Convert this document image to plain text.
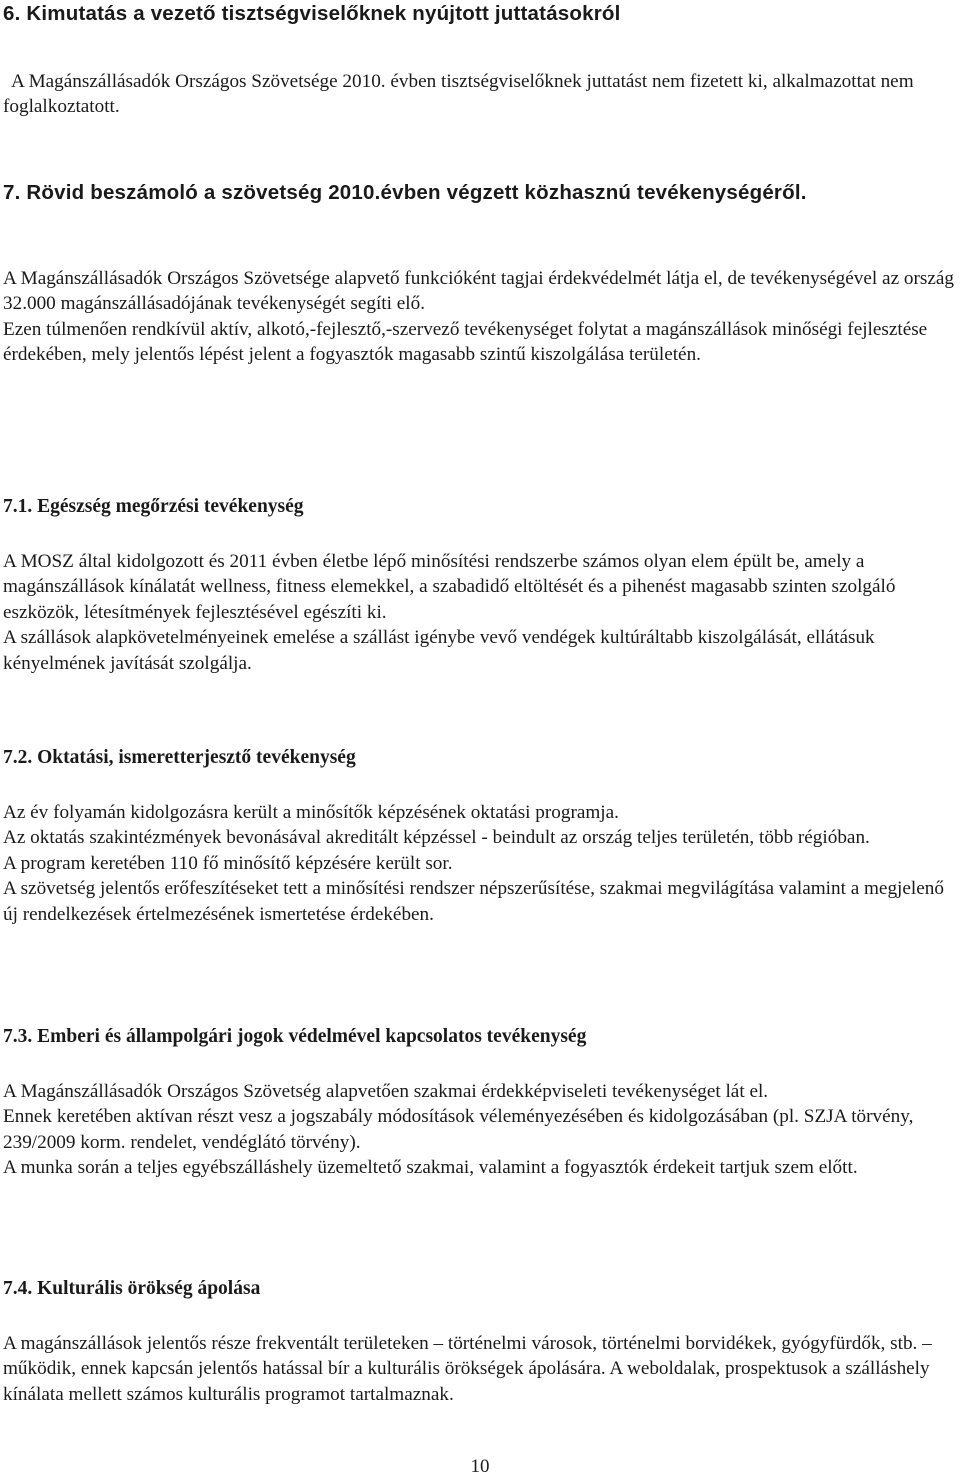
6. Kimutatás a vezető tisztségviselőknek nyújtott juttatásokról

A Magánszállásadók Országos Szövetsége 2010. évben tisztségviselőknek juttatást nem fizetett ki, alkalmazottat nem foglalkoztatott.

7. Rövid beszámoló a szövetség 2010.évben végzett közhasznú tevékenységéről.

A Magánszállásadók Országos Szövetsége alapvető funkcióként tagjai érdekvédelmét látja el, de tevékenységével az ország 32.000 magánszállásadójának tevékenységét segíti elő.

Ezen túlmenően rendkívül aktív, alkotó,-fejlesztő,-szervező tevékenységet folytat a magánszállások minőségi fejlesztése érdekében, mely jelentős lépést jelent a fogyasztók magasabb szintű kiszolgálása területén.

7.1. Egészség megőrzési tevékenység

A MOSZ által kidolgozott és 2011 évben életbe lépő minősítési rendszerbe számos olyan elem épült be, amely a magánszállások kínálatát wellness, fitness elemekkel, a szabadidő eltöltését és a pihenést magasabb szinten szolgáló eszközök, létesítmények fejlesztésével egészíti ki.

A szállások alapkövetelményeinek emelése a szállást igénybe vevő vendégek kultúráltabb kiszolgálását, ellátásuk kényelmének javítását szolgálja.

7.2. Oktatási, ismeretterjesztő tevékenység

Az év folyamán kidolgozásra került a minősítők képzésének oktatási programja.

Az oktatás szakintézmények bevonásával akreditált képzéssel - beindult az ország teljes területén, több régióban.

A program keretében 110 fő minősítő képzésére került sor.

A szövetség jelentős erőfeszítéseket tett a minősítési rendszer népszerűsítése, szakmai megvilágítása valamint a megjelenő új rendelkezések értelmezésének ismertetése érdekében.

7.3. Emberi és állampolgári jogok védelmével kapcsolatos tevékenység

A Magánszállásadók Országos Szövetség alapvetően szakmai érdekképviseleti tevékenységet lát el.

Ennek keretében aktívan részt vesz a jogszabály módosítások véleményezésében és kidolgozásában (pl. SZJA törvény, 239/2009 korm. rendelet, vendéglátó törvény).

A munka során a teljes egyébszálláshely üzemeltető szakmai, valamint a fogyasztók érdekeit tartjuk szem előtt.

7.4. Kulturális örökség ápolása

A magánszállások jelentős része frekventált területeken – történelmi városok, történelmi borvidékek, gyógyfürdők, stb. – működik, ennek kapcsán jelentős hatással bír a kulturális örökségek ápolására. A weboldalak, prospektusok a szálláshely kínálata mellett számos kulturális programot tartalmaznak.

10
